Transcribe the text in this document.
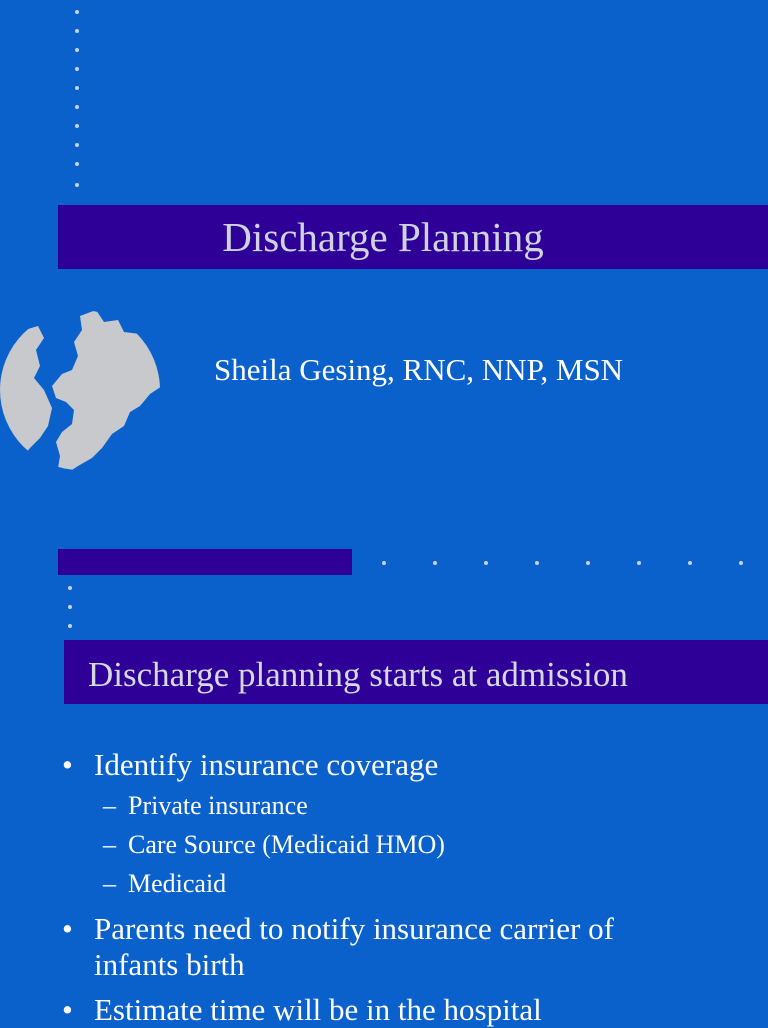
Discharge Planning
Sheila Gesing, RNC, NNP, MSN
Discharge planning starts at admission
• Identify insurance coverage
– Private insurance
– Care Source (Medicaid HMO)
– Medicaid
• Parents need to notify insurance carrier of
infants birth
• Estimate time will be in the hospital
